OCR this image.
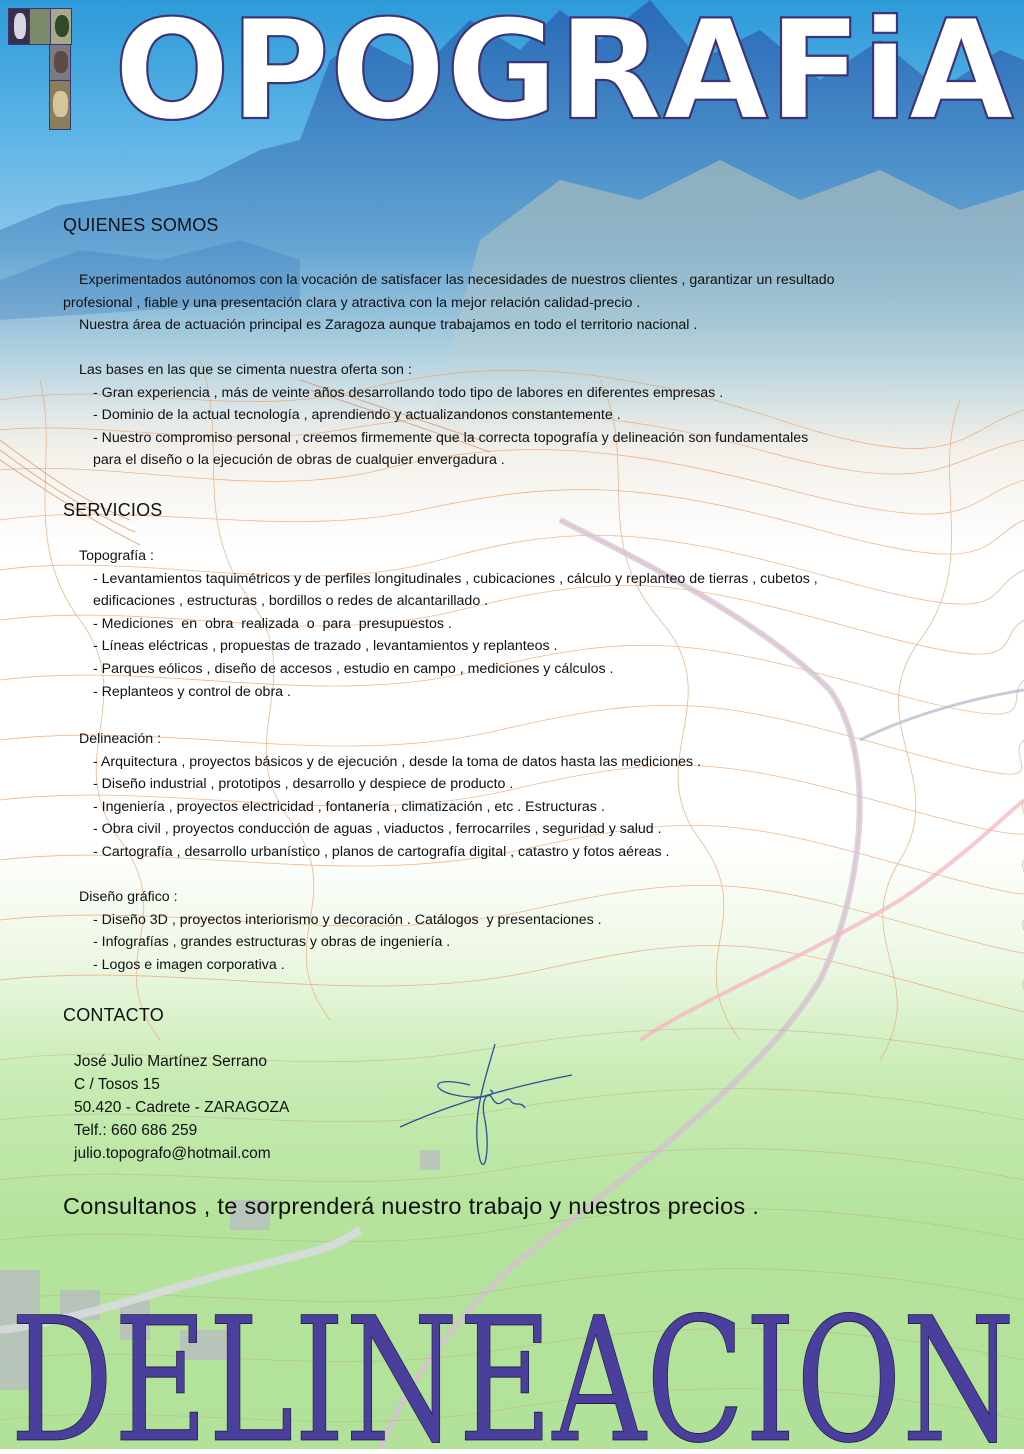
OPOGRAFiA
QUIENES SOMOS
Experimentados autónomos con la vocación de satisfacer las necesidades de nuestros clientes , garantizar un resultado
profesional , fiable y una presentación clara y atractiva con la mejor relación calidad-precio .
Nuestra área de actuación principal es Zaragoza aunque trabajamos en todo el territorio nacional .
Las bases en las que se cimenta nuestra oferta son :
- Gran experiencia , más de veinte años desarrollando todo tipo de labores en diferentes empresas .
- Dominio de la actual tecnología , aprendiendo y actualizandonos constantemente .
- Nuestro compromiso personal , creemos firmemente que la correcta topografía y delineación son fundamentales
para el diseño o la ejecución de obras de cualquier envergadura .
SERVICIOS
Topografía :
- Levantamientos taquimétricos y de perfiles longitudinales , cubicaciones , cálculo y replanteo de tierras , cubetos ,
edificaciones , estructuras , bordillos o redes de alcantarillado .
- Mediciones  en  obra  realizada  o  para  presupuestos .
- Líneas eléctricas , propuestas de trazado , levantamientos y replanteos .
- Parques eólicos , diseño de accesos , estudio en campo , mediciones y cálculos .
- Replanteos y control de obra .
Delineación :
- Arquitectura , proyectos básicos y de ejecución , desde la toma de datos hasta las mediciones .
- Diseño industrial , prototipos , desarrollo y despiece de producto .
- Ingeniería , proyectos electricidad , fontanería , climatización , etc . Estructuras .
- Obra civil , proyectos conducción de aguas , viaductos , ferrocarriles , seguridad y salud .
- Cartografía , desarrollo urbanístico , planos de cartografía digital , catastro y fotos aéreas .
Diseño gráfico :
- Diseño 3D , proyectos interiorismo y decoración . Catálogos  y presentaciones .
- Infografías , grandes estructuras y obras de ingeniería .
- Logos e imagen corporativa .
CONTACTO
José Julio Martínez Serrano
C / Tosos 15
50.420 - Cadrete - ZARAGOZA
Telf.: 660 686 259
julio.topografo@hotmail.com
Consultanos , te sorprenderá nuestro trabajo y nuestros precios .
DELINEACION
